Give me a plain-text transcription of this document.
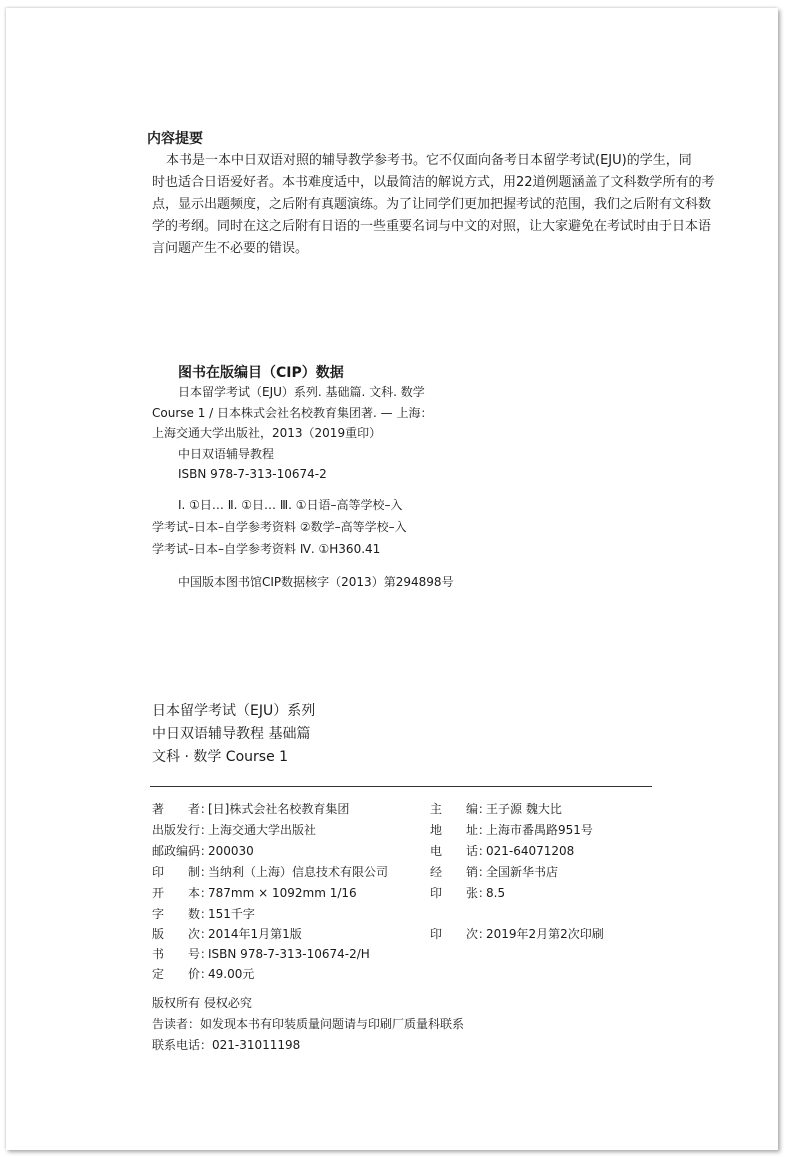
内容提要
本书是一本中日双语对照的辅导教学参考书。它不仅面向备考日本留学考试(EJU)的学生，同
时也适合日语爱好者。本书难度适中，以最简洁的解说方式，用22道例题涵盖了文科数学所有的考
点，显示出题频度，之后附有真题演练。为了让同学们更加把握考试的范围，我们之后附有文科数
学的考纲。同时在这之后附有日语的一些重要名词与中文的对照，让大家避免在考试时由于日本语
言问题产生不必要的错误。
图书在版编目（CIP）数据
日本留学考试（EJU）系列. 基础篇. 文科. 数学
Course 1 / 日本株式会社名校教育集团著. — 上海：
上海交通大学出版社，2013（2019重印）
中日双语辅导教程
ISBN 978-7-313-10674-2
Ⅰ. ①日… Ⅱ. ①日… Ⅲ. ①日语–高等学校–入
学考试–日本–自学参考资料 ②数学–高等学校–入
学考试–日本–自学参考资料 Ⅳ. ①H360.41
中国版本图书馆CIP数据核字（2013）第294898号
日本留学考试（EJU）系列
中日双语辅导教程 基础篇
文科 · 数学 Course 1
著　　者：[日]株式会社名校教育集团
出版发行：上海交通大学出版社
邮政编码：200030
印　　制：当纳利（上海）信息技术有限公司
开　　本：787mm × 1092mm 1/16
字　　数：151千字
版　　次：2014年1月第1版
书　　号：ISBN 978-7-313-10674-2/H
定　　价：49.00元
主　　编：王子源 魏大比
地　　址：上海市番禺路951号
电　　话：021-64071208
经　　销：全国新华书店
印　　张：8.5
印　　次：2019年2月第2次印刷
版权所有 侵权必究
告读者：如发现本书有印装质量问题请与印刷厂质量科联系
联系电话：021-31011198
